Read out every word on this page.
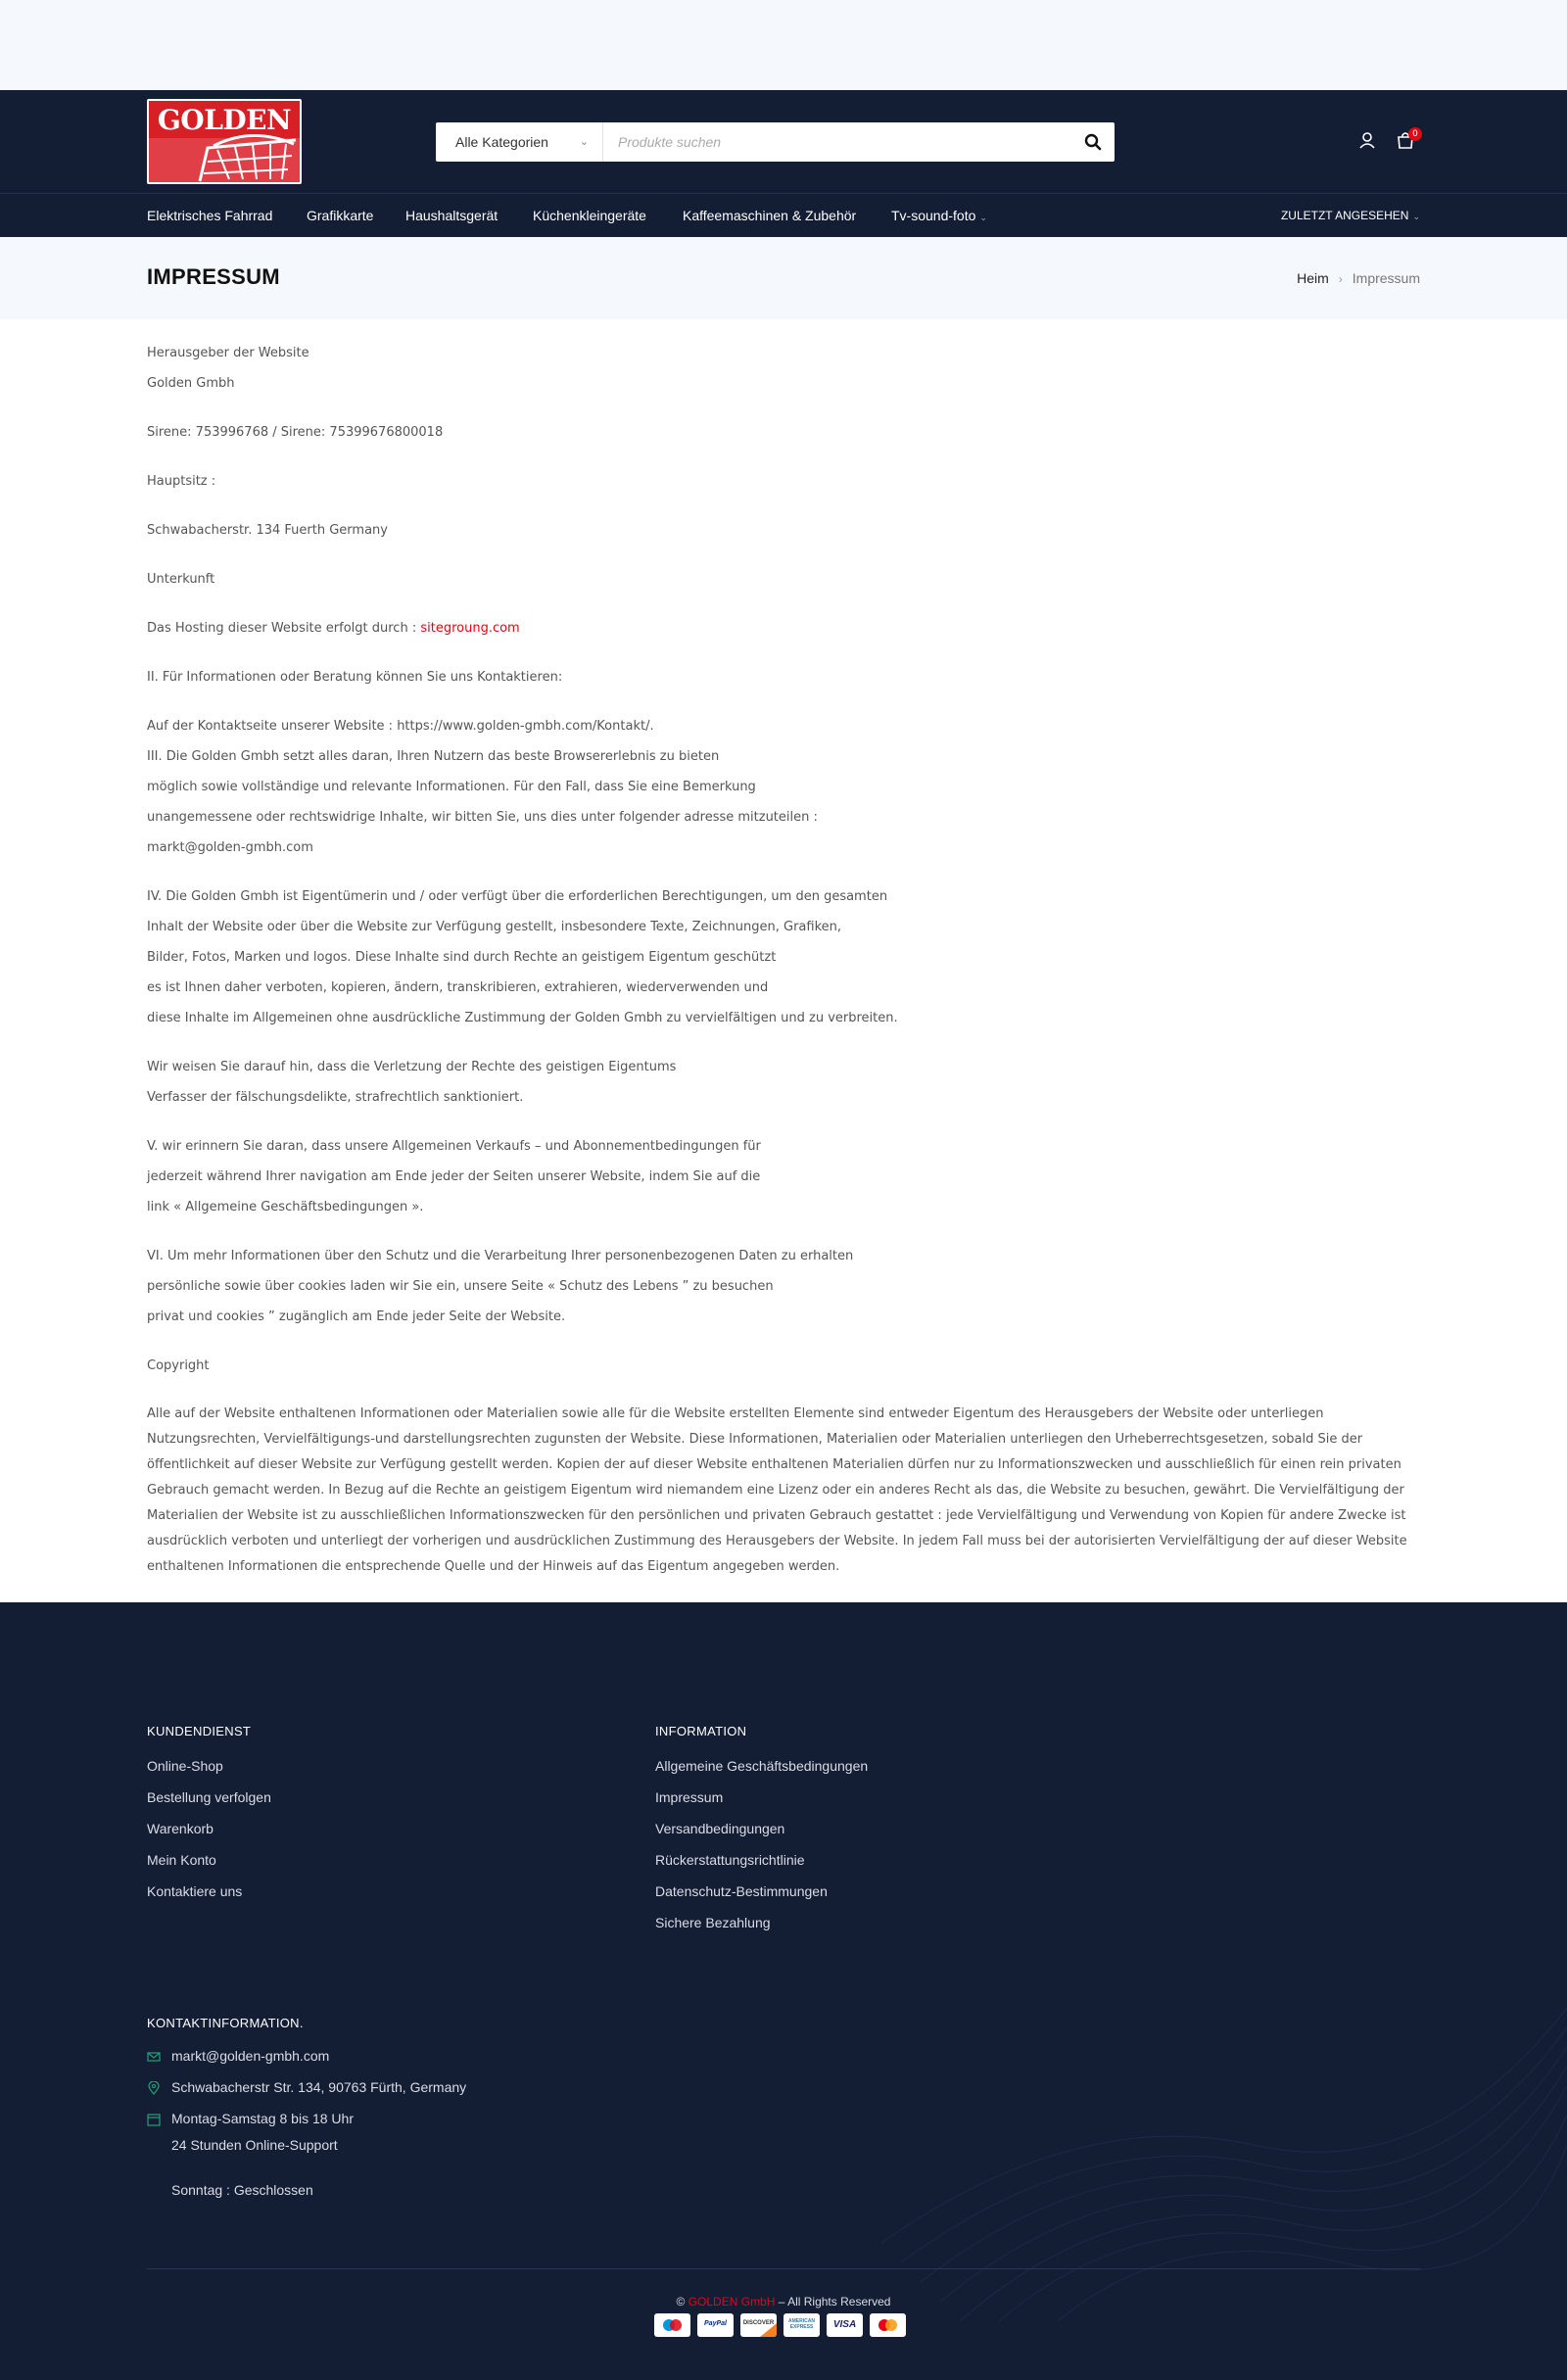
GOLDEN
Alle Kategorien	⌄
Produkte suchen
0
Elektrisches Fahrrad Grafikkarte Haushaltsgerät	Küchenkleingeräte	Kaffeemaschinen & Zubehör	Tv-sound-foto ⌄	ZULETZT ANGESEHEN ⌄
IMPRESSUM	Heim › Impressum

Herausgeber der Website

Golden Gmbh

Sirene: 753996768 / Sirene: 75399676800018

Hauptsitz :

Schwabacherstr. 134 Fuerth Germany

Unterkunft

Das Hosting dieser Website erfolgt durch : sitegroung.com

II. Für Informationen oder Beratung können Sie uns Kontaktieren:

Auf der Kontaktseite unserer Website : https://www.golden-gmbh.com/Kontakt/.

III. Die Golden Gmbh setzt alles daran, Ihren Nutzern das beste Browsererlebnis zu bieten

möglich sowie vollständige und relevante Informationen. Für den Fall, dass Sie eine Bemerkung

unangemessene oder rechtswidrige Inhalte, wir bitten Sie, uns dies unter folgender adresse mitzuteilen :

markt@golden-gmbh.com

IV. Die Golden Gmbh ist Eigentümerin und / oder verfügt über die erforderlichen Berechtigungen, um den gesamten

Inhalt der Website oder über die Website zur Verfügung gestellt, insbesondere Texte, Zeichnungen, Grafiken,

Bilder, Fotos, Marken und logos. Diese Inhalte sind durch Rechte an geistigem Eigentum geschützt

es ist Ihnen daher verboten, kopieren, ändern, transkribieren, extrahieren, wiederverwenden und

diese Inhalte im Allgemeinen ohne ausdrückliche Zustimmung der Golden Gmbh zu vervielfältigen und zu verbreiten.

Wir weisen Sie darauf hin, dass die Verletzung der Rechte des geistigen Eigentums

Verfasser der fälschungsdelikte, strafrechtlich sanktioniert.

V. wir erinnern Sie daran, dass unsere Allgemeinen Verkaufs – und Abonnementbedingungen für

jederzeit während Ihrer navigation am Ende jeder der Seiten unserer Website, indem Sie auf die

link « Allgemeine Geschäftsbedingungen ».

VI. Um mehr Informationen über den Schutz und die Verarbeitung Ihrer personenbezogenen Daten zu erhalten

persönliche sowie über cookies laden wir Sie ein, unsere Seite « Schutz des Lebens ” zu besuchen

privat und cookies ” zugänglich am Ende jeder Seite der Website.

Copyright

Alle auf der Website enthaltenen Informationen oder Materialien sowie alle für die Website erstellten Elemente sind entweder Eigentum des Herausgebers der Website oder unterliegen Nutzungsrechten, Vervielfältigungs-und darstellungsrechten zugunsten der Website. Diese Informationen, Materialien oder Materialien unterliegen den Urheberrechtsgesetzen, sobald Sie der öffentlichkeit auf dieser Website zur Verfügung gestellt werden. Kopien der auf dieser Website enthaltenen Materialien dürfen nur zu Informationszwecken und ausschließlich für einen rein privaten Gebrauch gemacht werden. In Bezug auf die Rechte an geistigem Eigentum wird niemandem eine Lizenz oder ein anderes Recht als das, die Website zu besuchen, gewährt. Die Vervielfältigung der Materialien der Website ist zu ausschließlichen Informationszwecken für den persönlichen und privaten Gebrauch gestattet : jede Vervielfältigung und Verwendung von Kopien für andere Zwecke ist ausdrücklich verboten und unterliegt der vorherigen und ausdrücklichen Zustimmung des Herausgebers der Website. In jedem Fall muss bei der autorisierten Vervielfältigung der auf dieser Website enthaltenen Informationen die entsprechende Quelle und der Hinweis auf das Eigentum angegeben werden.

KUNDENDIENST
Online-Shop
Bestellung verfolgen
Warenkorb
Mein Konto
Kontaktiere uns
INFORMATION
Allgemeine Geschäftsbedingungen
Impressum
Versandbedingungen
Rückerstattungsrichtlinie
Datenschutz-Bestimmungen
Sichere Bezahlung
KONTAKTINFORMATION.
markt@golden-gmbh.com
Schwabacherstr Str. 134, 90763 Fürth, Germany
Montag-Samstag 8 bis 18 Uhr
24 Stunden Online-Support
Sonntag : Geschlossen
© GOLDEN GmbH – All Rights Reserved
PayPal	DISCOVER	AMERICAN EXPRESS	VISA
